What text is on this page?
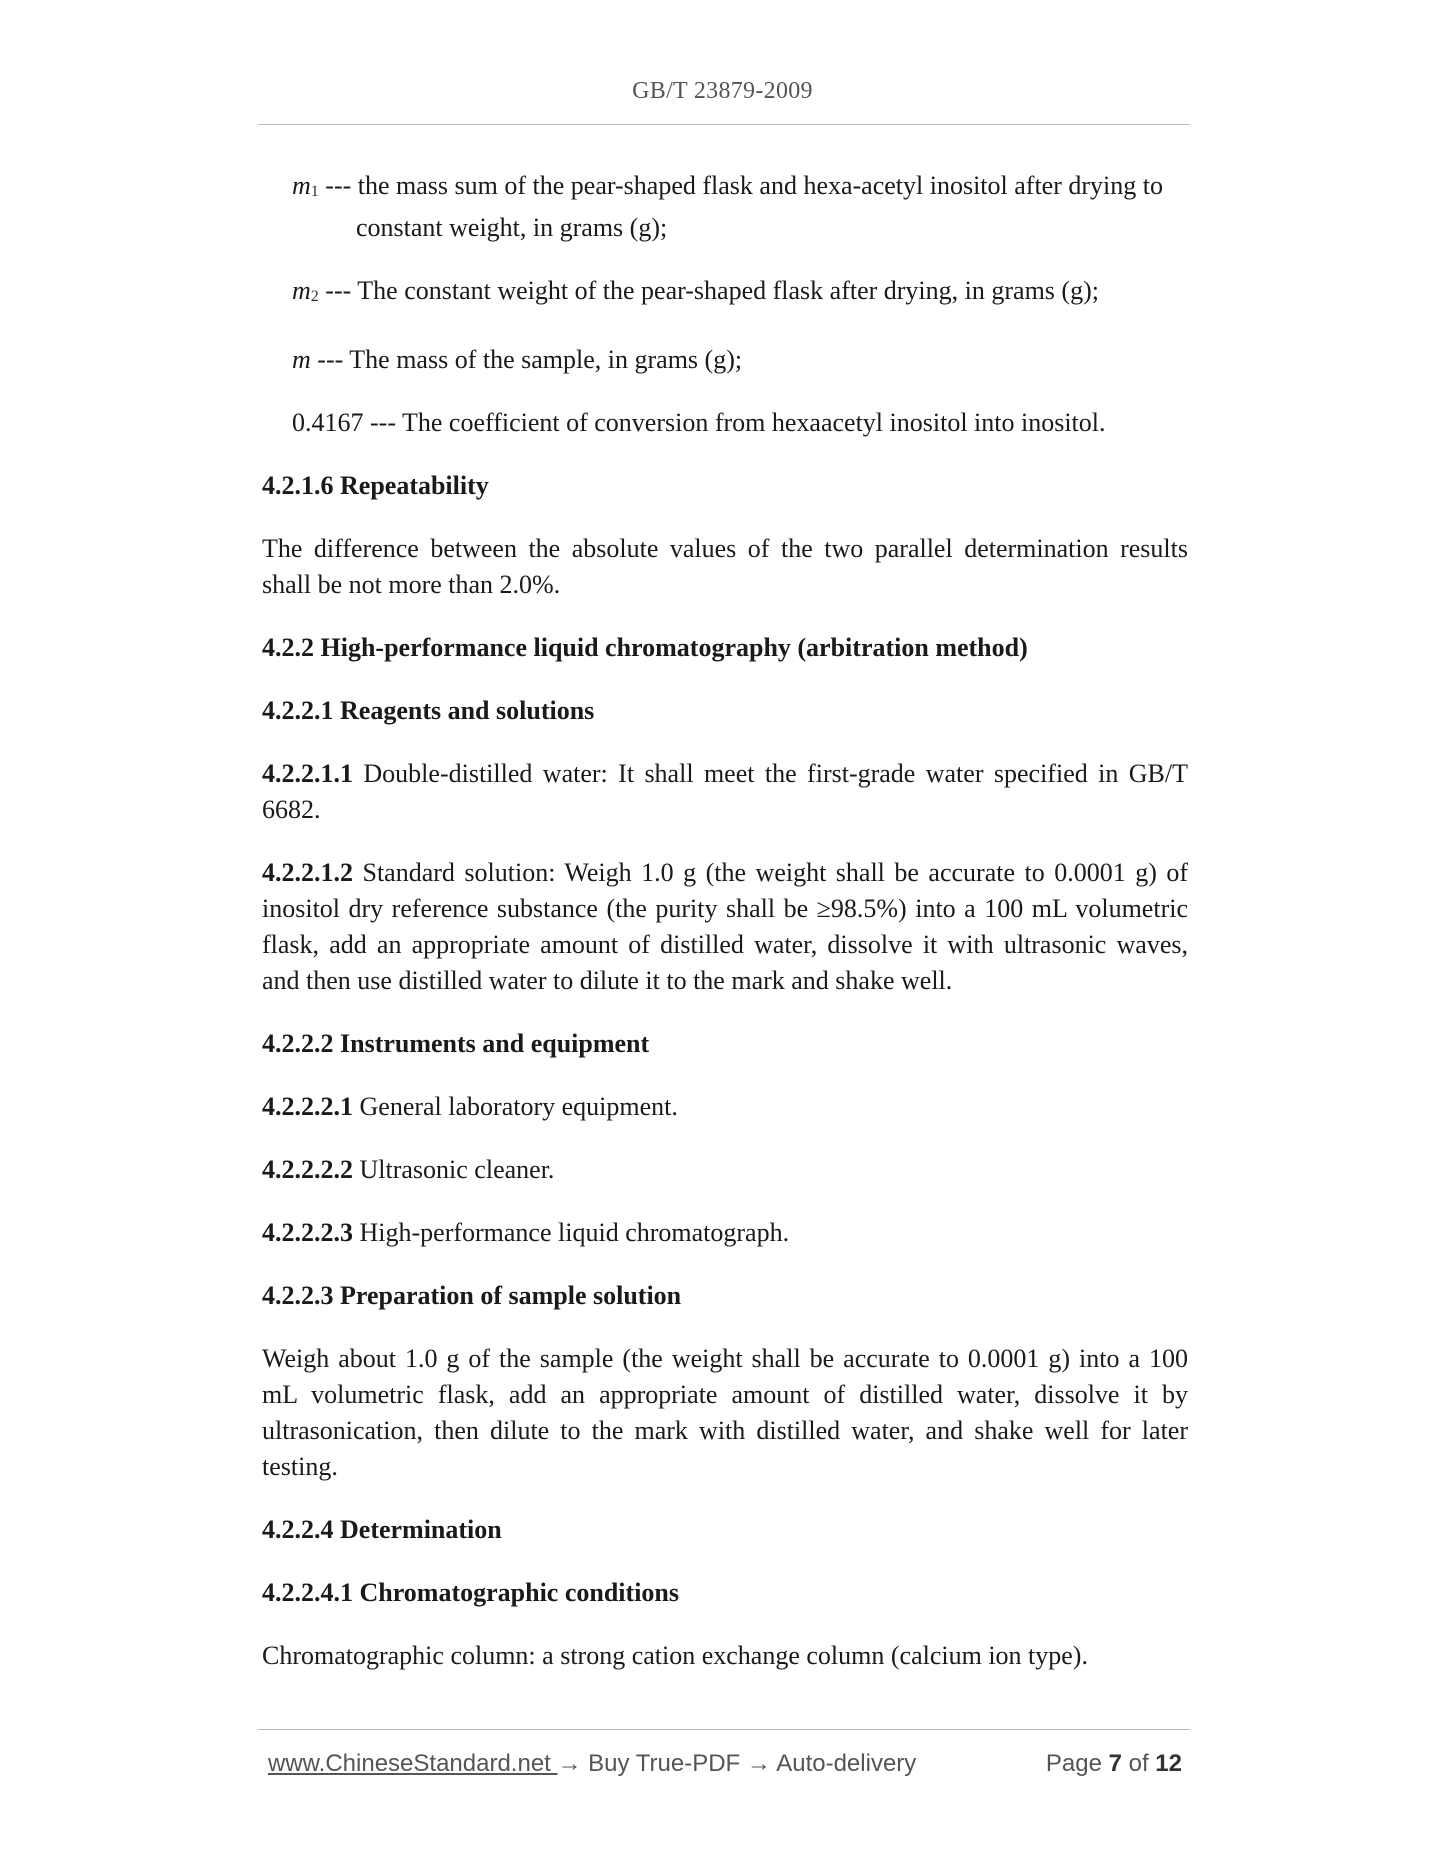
GB/T 23879-2009

m1 --- the mass sum of the pear-shaped flask and hexa-acetyl inositol after drying to
constant weight, in grams (g);

m2 --- The constant weight of the pear-shaped flask after drying, in grams (g);

m --- The mass of the sample, in grams (g);

0.4167 --- The coefficient of conversion from hexaacetyl inositol into inositol.

4.2.1.6 Repeatability

The difference between the absolute values of the two parallel determination results shall be not more than 2.0%.

4.2.2 High-performance liquid chromatography (arbitration method)

4.2.2.1 Reagents and solutions

4.2.2.1.1 Double-distilled water: It shall meet the first-grade water specified in GB/T 6682.

4.2.2.1.2 Standard solution: Weigh 1.0 g (the weight shall be accurate to 0.0001 g) of inositol dry reference substance (the purity shall be ≥98.5%) into a 100 mL volumetric flask, add an appropriate amount of distilled water, dissolve it with ultrasonic waves, and then use distilled water to dilute it to the mark and shake well.

4.2.2.2 Instruments and equipment

4.2.2.2.1 General laboratory equipment.

4.2.2.2.2 Ultrasonic cleaner.

4.2.2.2.3 High-performance liquid chromatograph.

4.2.2.3 Preparation of sample solution

Weigh about 1.0 g of the sample (the weight shall be accurate to 0.0001 g) into a 100 mL volumetric flask, add an appropriate amount of distilled water, dissolve it by ultrasonication, then dilute to the mark with distilled water, and shake well for later testing.

4.2.2.4 Determination

4.2.2.4.1 Chromatographic conditions

Chromatographic column: a strong cation exchange column (calcium ion type).

www.ChineseStandard.net → Buy True-PDF → Auto-delivery	Page 7 of 12
